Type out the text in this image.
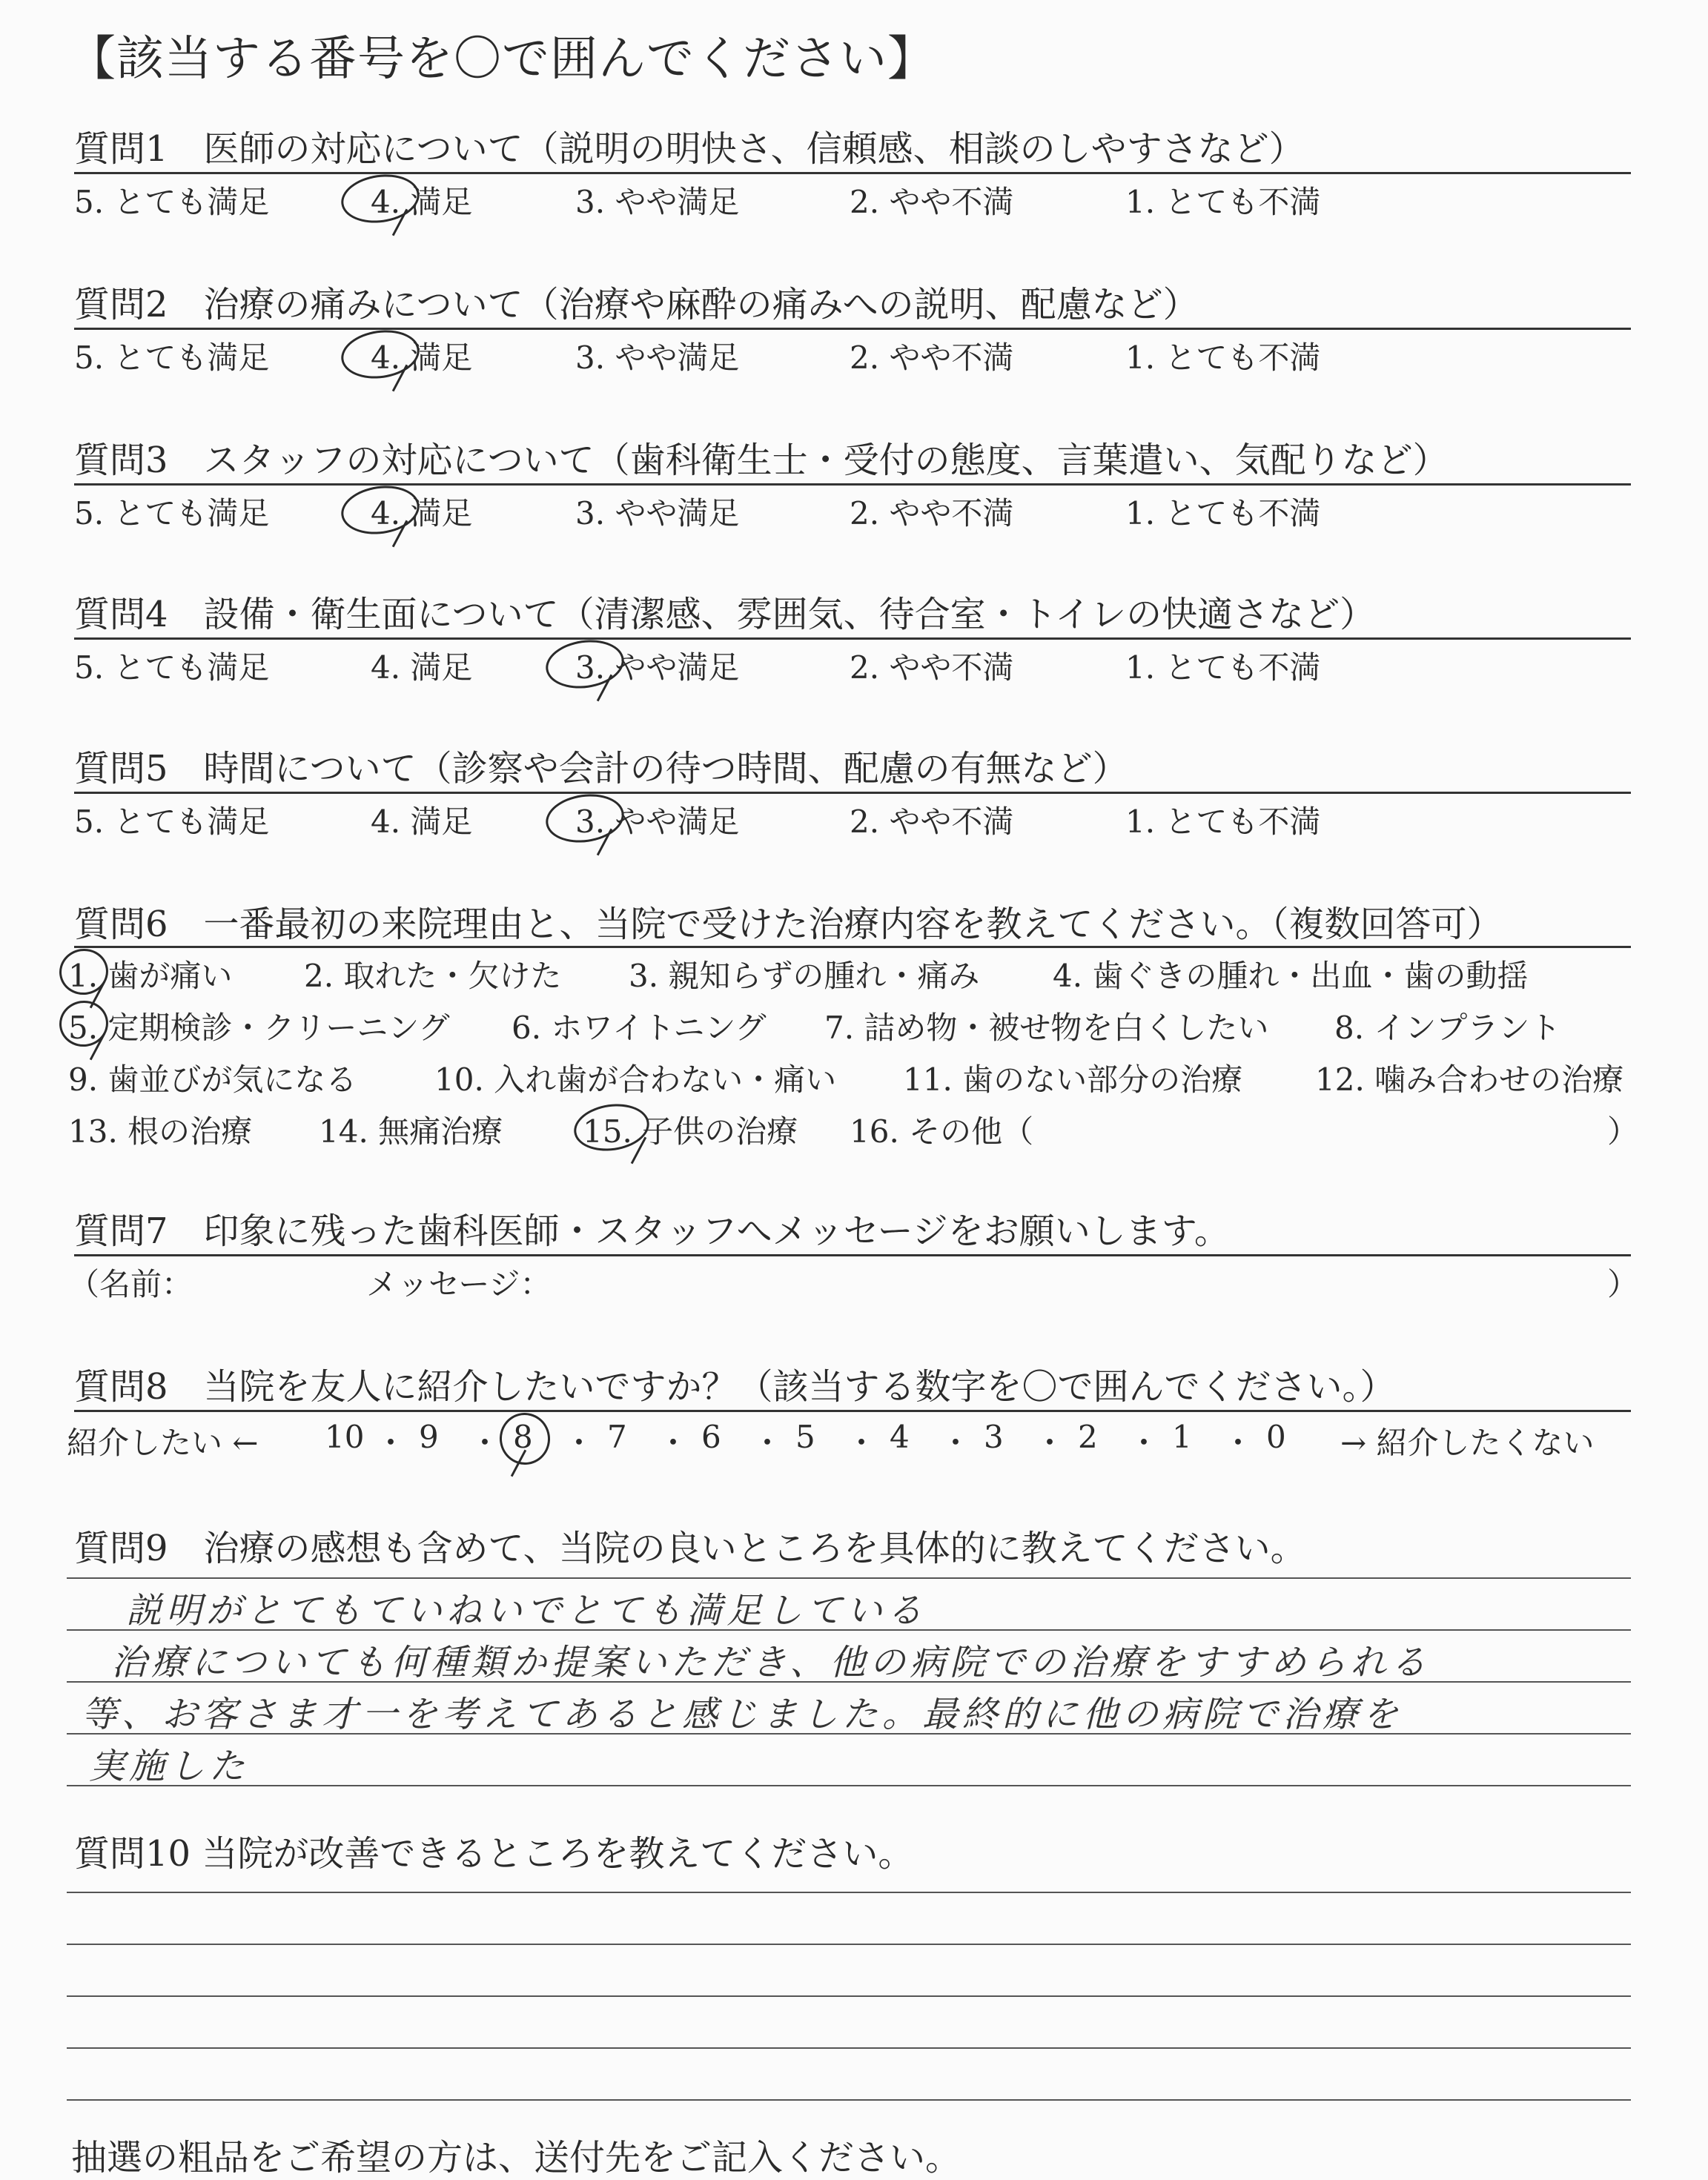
【該当する番号を〇で囲んでください】
質問1　医師の対応について（説明の明快さ、信頼感、相談のしやすさなど）
5. とても満足	4. 満足	3. やや満足	2. やや不満	1. とても不満
質問2　治療の痛みについて（治療や麻酔の痛みへの説明、配慮など）
5. とても満足	4. 満足	3. やや満足	2. やや不満	1. とても不満
質問3　スタッフの対応について（歯科衛生士・受付の態度、言葉遣い、気配りなど）
5. とても満足	4. 満足	3. やや満足	2. やや不満	1. とても不満
質問4　設備・衛生面について（清潔感、雰囲気、待合室・トイレの快適さなど）
5. とても満足	4. 満足	3. やや満足	2. やや不満	1. とても不満
質問5　時間について（診察や会計の待つ時間、配慮の有無など）
5. とても満足	4. 満足	3. やや満足	2. やや不満	1. とても不満
質問6　一番最初の来院理由と、当院で受けた治療内容を教えてください。（複数回答可）
1. 歯が痛い 2. 取れた・欠けた 3. 親知らずの腫れ・痛み 4. 歯ぐきの腫れ・出血・歯の動揺
5. 定期検診・クリーニング 6. ホワイトニング 7. 詰め物・被せ物を白くしたい 8. インプラント
9. 歯並びが気になる 10. 入れ歯が合わない・痛い 11. 歯のない部分の治療 12. 噛み合わせの治療
13. 根の治療 14. 無痛治療	15. 子供の治療 16. その他（	）
質問7　印象に残った歯科医師・スタッフへメッセージをお願いします。
（名前：	メッセージ：	）
質問8　当院を友人に紹介したいですか？（該当する数字を〇で囲んでください。）
紹介したい ← 10 ・ 9 ・ 8 ・ 7 ・ 6 ・ 5 ・ 4 ・ 3 ・ 2 ・ 1 ・ 0 → 紹介したくない
質問9　治療の感想も含めて、当院の良いところを具体的に教えてください。
説明がとてもていねいでとても満足している
治療についても何種類か提案いただき、他の病院での治療をすすめられる
等、お客さま才一を考えてあると感じました。最終的に他の病院で治療を
実施した
質問10 当院が改善できるところを教えてください。
抽選の粗品をご希望の方は、送付先をご記入ください。
